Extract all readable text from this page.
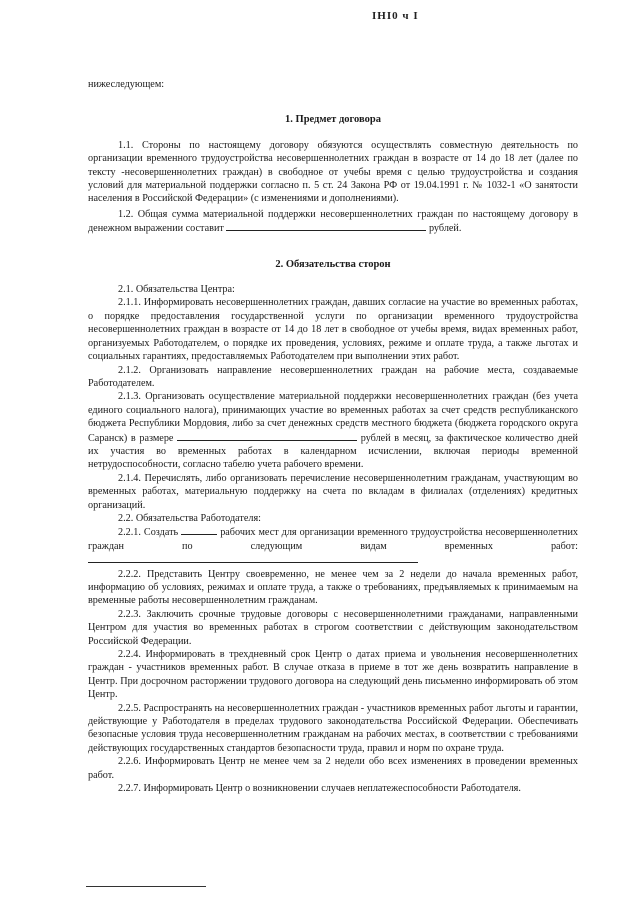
ІНІ0 ч І

нижеследующем:

1. Предмет договора

1.1. Стороны по настоящему договору обязуются осуществлять совместную деятельность по организации временного трудоустройства несовершеннолетних граждан в возрасте от 14 до 18 лет (далее по тексту -несовершеннолетних граждан) в свободное от учебы время с целью трудоустройства и создания условий для материальной поддержки согласно п. 5 ст. 24 Закона РФ от 19.04.1991 г. № 1032-1 «О занятости населения в Российской Федерации» (с изменениями и дополнениями).

1.2. Общая сумма материальной поддержки несовершеннолетних граждан по настоящему договору в денежном выражении составит	рублей.

2. Обязательства сторон

2.1. Обязательства Центра:

2.1.1. Информировать несовершеннолетних граждан, давших согласие на участие во временных работах, о порядке предоставления государственной услуги по организации временного трудоустройства несовершеннолетних граждан в возрасте от 14 до 18 лет в свободное от учебы время, видах временных работ, организуемых Работодателем, о порядке их проведения, условиях, режиме и оплате труда, а также льготах и социальных гарантиях, предоставляемых Работодателем при выполнении этих работ.

2.1.2. Организовать направление несовершеннолетних граждан на рабочие места, создаваемые Работодателем.

2.1.3. Организовать осуществление материальной поддержки несовершеннолетних граждан (без учета единого социального налога), принимающих участие во временных работах за счет средств республиканского бюджета Республики Мордовия, либо за счет денежных средств местного бюджета (бюджета городского округа Саранск) в размере	рублей в месяц, за фактическое количество дней их участия во временных работах в календарном исчислении, включая периоды временной нетрудоспособности, согласно табелю учета рабочего времени.

2.1.4. Перечислять, либо организовать перечисление несовершеннолетним гражданам, участвующим во временных работах, материальную поддержку на счета по вкладам в филиалах (отделениях) кредитных организаций.

2.2. Обязательства Работодателя:

2.2.1. Создать	рабочих мест для организации временного трудоустройства несовершеннолетних граждан по следующим видам временных работ:

2.2.2. Представить Центру своевременно, не менее чем за 2 недели до начала временных работ, информацию об условиях, режимах и оплате труда, а также о требованиях, предъявляемых к принимаемым на временные работы несовершеннолетним гражданам.

2.2.3. Заключить срочные трудовые договоры с несовершеннолетними гражданами, направленными Центром для участия во временных работах в строгом соответствии с действующим законодательством Российской Федерации.

2.2.4. Информировать в трехдневный срок Центр о датах приема и увольнения несовершеннолетних граждан - участников временных работ. В случае отказа в приеме в тот же день возвратить направление в Центр. При досрочном расторжении трудового договора на следующий день письменно информировать об этом Центр.

2.2.5. Распространять на несовершеннолетних граждан - участников временных работ льготы и гарантии, действующие у Работодателя в пределах трудового законодательства Российской Федерации. Обеспечивать безопасные условия труда несовершеннолетним гражданам на рабочих местах, в соответствии с требованиями действующих государственных стандартов безопасности труда, правил и норм по охране труда.

2.2.6. Информировать Центр не менее чем за 2 недели обо всех изменениях в проведении временных работ.

2.2.7. Информировать Центр о возникновении случаев неплатежеспособности Работодателя.
